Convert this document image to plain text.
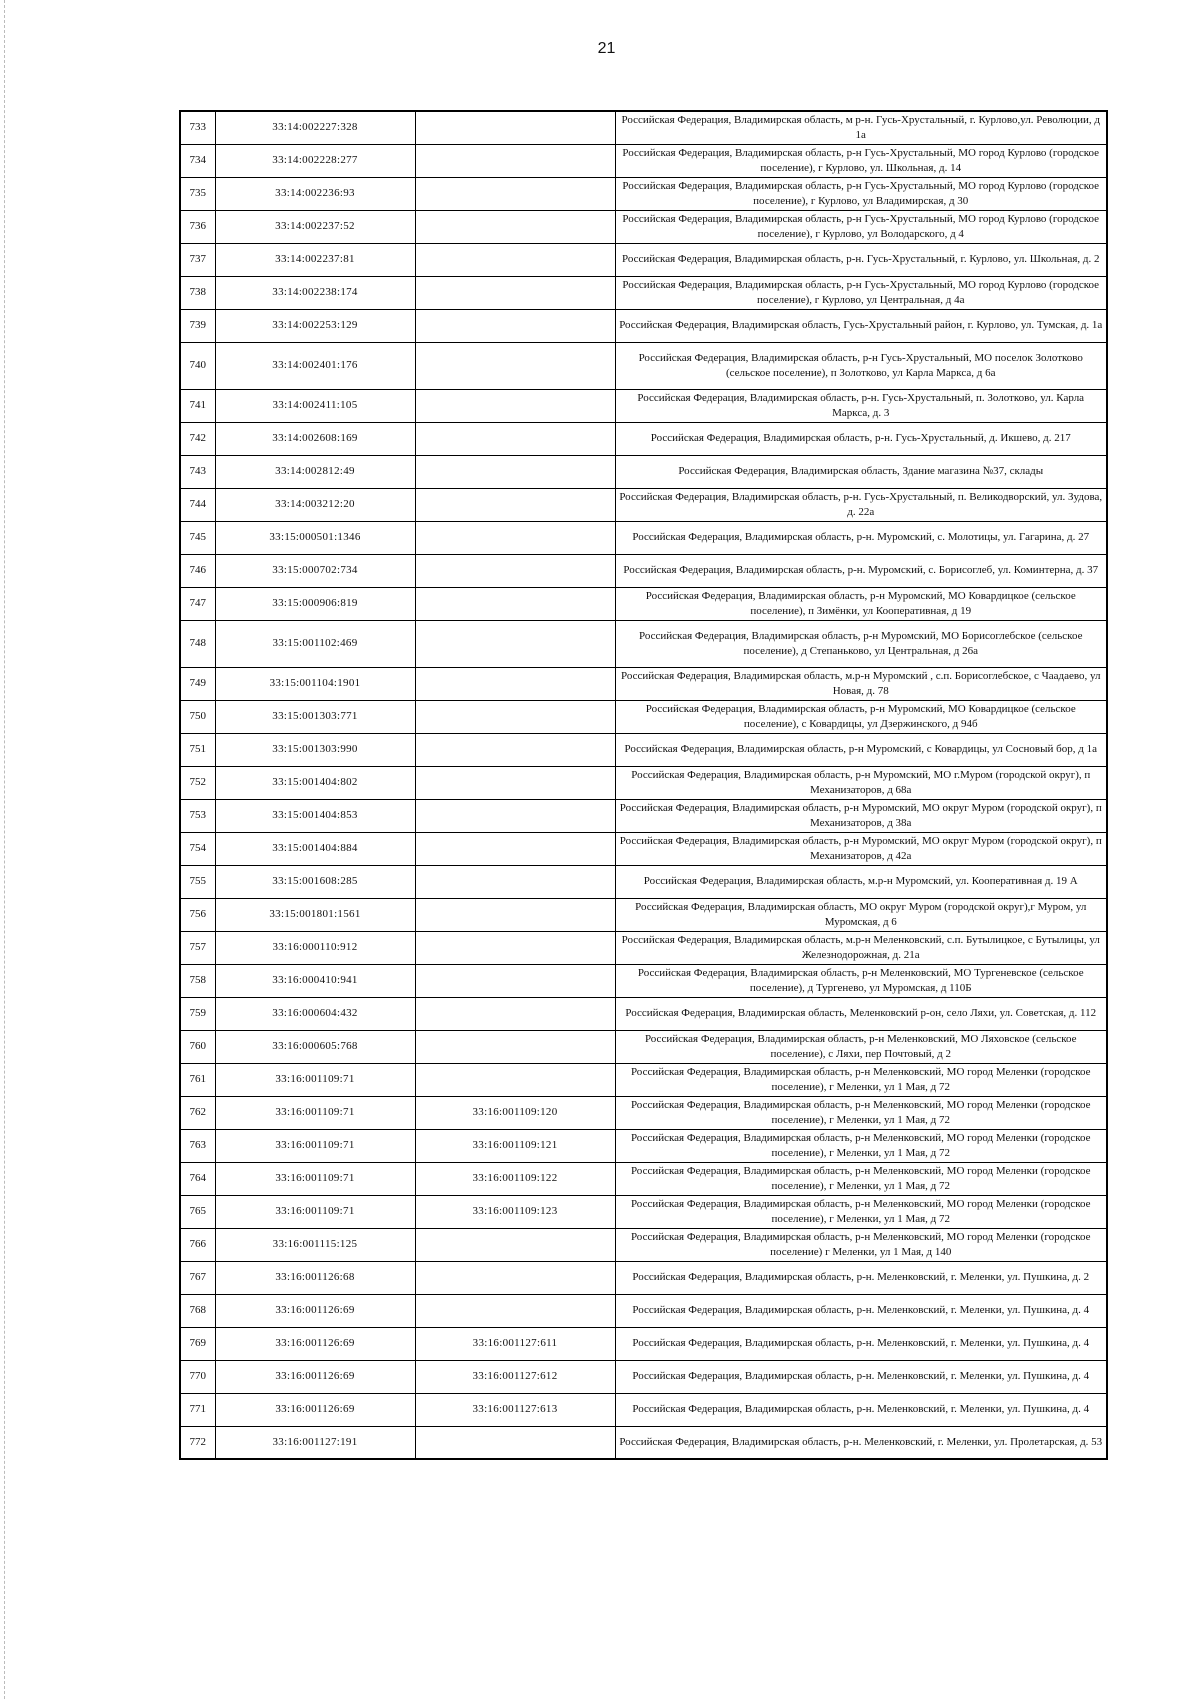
21
733	33:14:002227:328		Российская Федерация, Владимирская область, м р-н. Гусь-Хрустальный, г. Курлово,ул. Революции, д 1а
734	33:14:002228:277		Российская Федерация, Владимирская область, р-н Гусь-Хрустальный, МО город Курлово (городское поселение), г Курлово, ул. Школьная, д. 14
735	33:14:002236:93		Российская Федерация, Владимирская область, р-н Гусь-Хрустальный, МО город Курлово (городское поселение), г Курлово, ул Владимирская, д 30
736	33:14:002237:52		Российская Федерация, Владимирская область, р-н Гусь-Хрустальный, МО город Курлово (городское поселение), г Курлово, ул Володарского, д 4
737	33:14:002237:81		Российская Федерация, Владимирская область, р-н. Гусь-Хрустальный, г. Курлово, ул. Школьная, д. 2
738	33:14:002238:174		Российская Федерация, Владимирская область, р-н Гусь-Хрустальный, МО город Курлово (городское поселение), г Курлово, ул Центральная, д 4а
739	33:14:002253:129		Российская Федерация, Владимирская область, Гусь-Хрустальный район, г. Курлово, ул. Тумская, д. 1а
740	33:14:002401:176		Российская Федерация, Владимирская область, р-н Гусь-Хрустальный, МО поселок Золотково (сельское поселение), п Золотково, ул Карла Маркса, д 6а
741	33:14:002411:105		Российская Федерация, Владимирская область, р-н. Гусь-Хрустальный, п. Золотково, ул. Карла Маркса, д. 3
742	33:14:002608:169		Российская Федерация, Владимирская область, р-н. Гусь-Хрустальный, д. Икшево, д. 217
743	33:14:002812:49		Российская Федерация, Владимирская область, Здание магазина №37, склады
744	33:14:003212:20		Российская Федерация, Владимирская область, р-н. Гусь-Хрустальный, п. Великодворский, ул. Зудова, д. 22а
745	33:15:000501:1346		Российская Федерация, Владимирская область, р-н. Муромский, с. Молотицы, ул. Гагарина, д. 27
746	33:15:000702:734		Российская Федерация, Владимирская область, р-н. Муромский, с. Борисоглеб, ул. Коминтерна, д. 37
747	33:15:000906:819		Российская Федерация, Владимирская область, р-н Муромский, МО Ковардицкое (сельское поселение), п Зимёнки, ул Кооперативная, д 19
748	33:15:001102:469		Российская Федерация, Владимирская область, р-н Муромский, МО Борисоглебское (сельское поселение), д Степаньково, ул Центральная, д 26а
749	33:15:001104:1901		Российская Федерация, Владимирская область, м.р-н Муромский , с.п. Борисоглебское, с Чаадаево, ул Новая, д. 78
750	33:15:001303:771		Российская Федерация, Владимирская область, р-н Муромский, МО Ковардицкое (сельское поселение), с Ковардицы, ул Дзержинского, д 94б
751	33:15:001303:990		Российская Федерация, Владимирская область, р-н Муромский, с Ковардицы, ул Сосновый бор, д 1а
752	33:15:001404:802		Российская Федерация, Владимирская область, р-н Муромский, МО г.Муром (городской округ), п Механизаторов, д 68а
753	33:15:001404:853		Российская Федерация, Владимирская область, р-н Муромский, МО округ Муром (городской округ), п Механизаторов, д 38а
754	33:15:001404:884		Российская Федерация, Владимирская область, р-н Муромский, МО округ Муром (городской округ), п Механизаторов, д 42а
755	33:15:001608:285		Российская Федерация, Владимирская область, м.р-н Муромский, ул. Кооперативная д. 19 А
756	33:15:001801:1561		Российская Федерация, Владимирская область, МО округ Муром (городской округ),г Муром, ул Муромская, д 6
757	33:16:000110:912		Российская Федерация, Владимирская область, м.р-н Меленковский, с.п. Бутылицкое, с Бутылицы, ул Железнодорожная, д. 21а
758	33:16:000410:941		Российская Федерация, Владимирская область, р-н Меленковский, МО Тургеневское (сельское поселение), д Тургенево, ул Муромская, д 110Б
759	33:16:000604:432		Российская Федерация, Владимирская область, Меленковский р-он, село Ляхи, ул. Советская, д. 112
760	33:16:000605:768		Российская Федерация, Владимирская область, р-н Меленковский, МО Ляховское (сельское поселение), с Ляхи, пер Почтовый, д 2
761	33:16:001109:71		Российская Федерация, Владимирская область, р-н Меленковский, МО город Меленки (городское поселение), г Меленки, ул 1 Мая, д 72
762	33:16:001109:71	33:16:001109:120	Российская Федерация, Владимирская область, р-н Меленковский, МО город Меленки (городское поселение), г Меленки, ул 1 Мая, д 72
763	33:16:001109:71	33:16:001109:121	Российская Федерация, Владимирская область, р-н Меленковский, МО город Меленки (городское поселение), г Меленки, ул 1 Мая, д 72
764	33:16:001109:71	33:16:001109:122	Российская Федерация, Владимирская область, р-н Меленковский, МО город Меленки (городское поселение), г Меленки, ул 1 Мая, д 72
765	33:16:001109:71	33:16:001109:123	Российская Федерация, Владимирская область, р-н Меленковский, МО город Меленки (городское поселение), г Меленки, ул 1 Мая, д 72
766	33:16:001115:125		Российская Федерация, Владимирская область, р-н Меленковский, МО город Меленки (городское поселение) г Меленки, ул 1 Мая, д 140
767	33:16:001126:68		Российская Федерация, Владимирская область, р-н. Меленковский, г. Меленки, ул. Пушкина, д. 2
768	33:16:001126:69		Российская Федерация, Владимирская область, р-н. Меленковский, г. Меленки, ул. Пушкина, д. 4
769	33:16:001126:69	33:16:001127:611	Российская Федерация, Владимирская область, р-н. Меленковский, г. Меленки, ул. Пушкина, д. 4
770	33:16:001126:69	33:16:001127:612	Российская Федерация, Владимирская область, р-н. Меленковский, г. Меленки, ул. Пушкина, д. 4
771	33:16:001126:69	33:16:001127:613	Российская Федерация, Владимирская область, р-н. Меленковский, г. Меленки, ул. Пушкина, д. 4
772	33:16:001127:191		Российская Федерация, Владимирская область, р-н. Меленковский, г. Меленки, ул. Пролетарская, д. 53
